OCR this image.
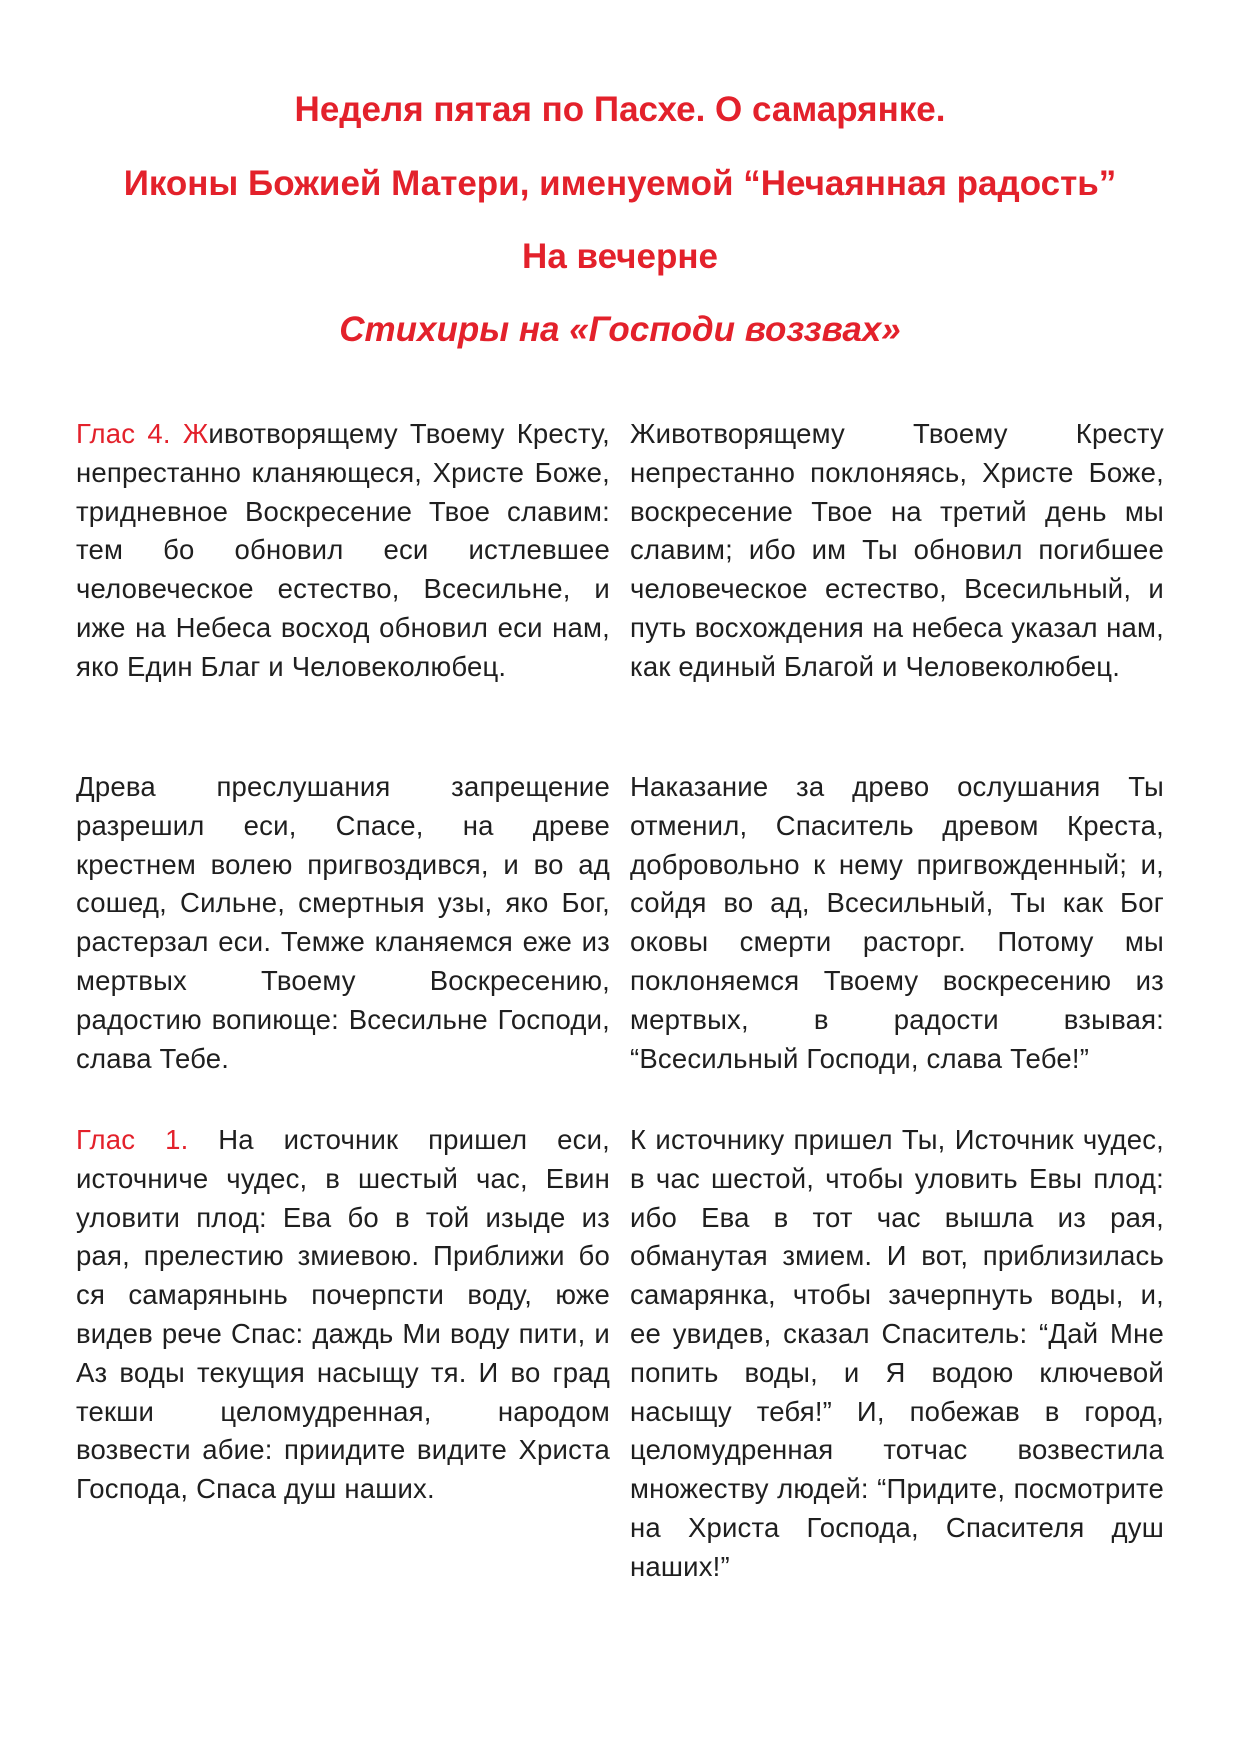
Неделя пятая по Пасхе. О самарянке.
Иконы Божией Матери, именуемой “Нечаянная радость”
На вечерне
Стихиры на «Господи воззвах»
Глас 4. Животворящему Твоему Кресту, непрестанно кланяющеся, Христе Боже, тридневное Воскресение Твое славим: тем бо обновил еси истлевшее человеческое естество, Всесильне, и иже на Небеса восход обновил еси нам, яко Един Благ и Человеколюбец.
Животворящему Твоему Кресту непрестанно поклоняясь, Христе Боже, воскресение Твое на третий день мы славим; ибо им Ты обновил погибшее человеческое естество, Всесильный, и путь восхождения на небеса указал нам, как единый Благой и Человеколюбец.
Древа преслушания запрещение разрешил еси, Спасе, на древе крестнем волею пригвоздився, и во ад сошед, Сильне, смертныя узы, яко Бог, растерзал еси. Темже кланяемся еже из мертвых Твоему Воскресению, радостию вопиюще: Всесильне Господи, слава Тебе.
Наказание за древо ослушания Ты отменил, Спаситель древом Креста, добровольно к нему пригвожденный; и, сойдя во ад, Всесильный, Ты как Бог оковы смерти расторг. Потому мы поклоняемся Твоему воскресению из мертвых, в радости взывая: “Всесильный Господи, слава Тебе!”
Глас 1. На источник пришел еси, источниче чудес, в шестый час, Евин уловити плод: Ева бо в той изыде из рая, прелестию змиевою. Приближи бо ся самарянынь почерпсти воду, юже видев рече Спас: даждь Ми воду пити, и Аз воды текущия насыщу тя. И во град текши целомудренная, народом возвести абие: приидите видите Христа Господа, Спаса душ наших.
К источнику пришел Ты, Источник чудес, в час шестой, чтобы уловить Евы плод: ибо Ева в тот час вышла из рая, обманутая змием. И вот, приблизилась самарянка, чтобы зачерпнуть воды, и, ее увидев, сказал Спаситель: “Дай Мне попить воды, и Я водою ключевой насыщу тебя!” И, побежав в город, целомудренная тотчас возвестила множеству людей: “Придите, посмотрите на Христа Господа, Спасителя душ наших!”
